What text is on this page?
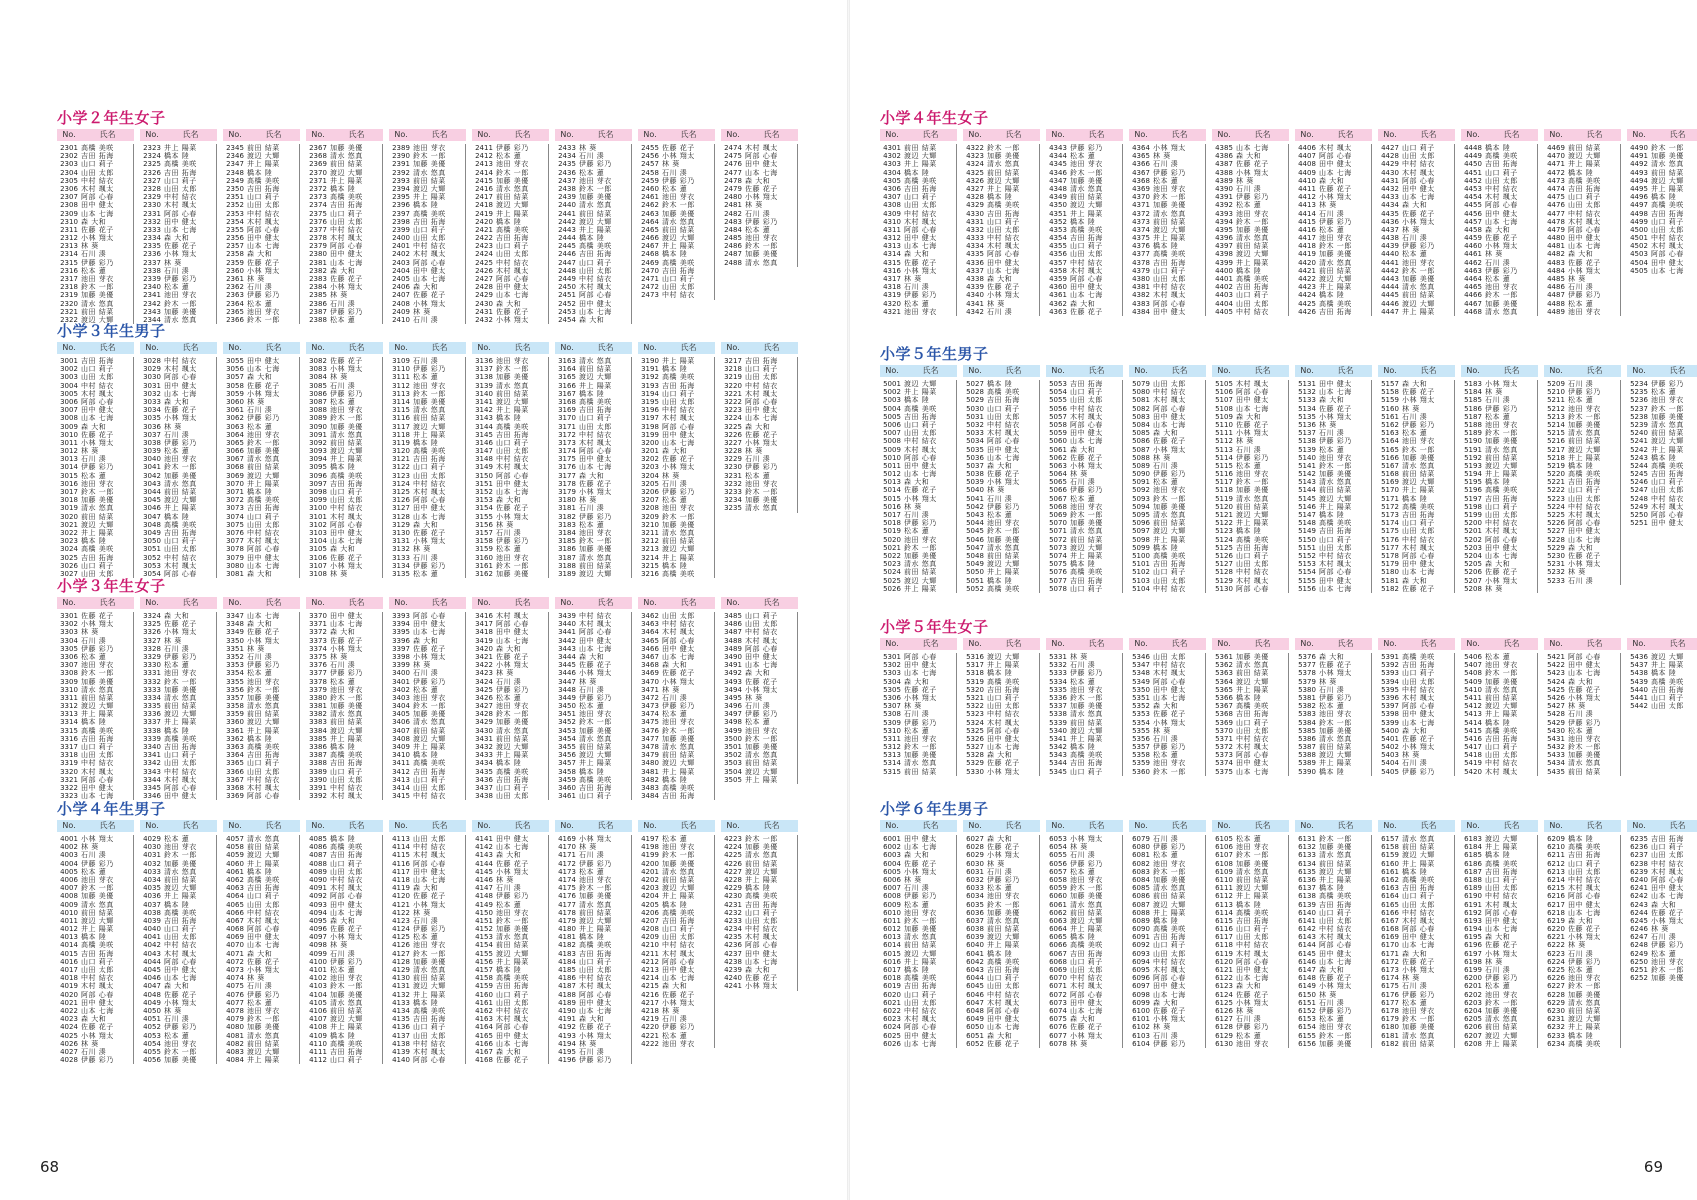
68
小学２年生女子
No.	氏名
2301 高橋 美咲
2302 吉田 拓海
2303 山口 莉子
2304 山田 太郎
2305 中村 結衣
2306 木村 颯太
2307 阿部 心春
2308 田中 健太
2309 山本 七海
2310 森 大和
2311 佐藤 花子
2312 小林 翔太
2313 林 葵
2314 石川 湊
2315 伊藤 彩乃
2316 松本 蓮
2317 池田 芽衣
2318 鈴木 一郎
2319 加藤 美優
2320 清水 悠真
2321 前田 結菜
2322 渡辺 大輝
No.	氏名
2323 井上 陽菜
2324 橋本 陸
2325 高橋 美咲
2326 吉田 拓海
2327 山口 莉子
2328 山田 太郎
2329 中村 結衣
2330 木村 颯太
2331 阿部 心春
2332 田中 健太
2333 山本 七海
2334 森 大和
2335 佐藤 花子
2336 小林 翔太
2337 林 葵
2338 石川 湊
2339 伊藤 彩乃
2340 松本 蓮
2341 池田 芽衣
2342 鈴木 一郎
2343 加藤 美優
2344 清水 悠真
No.	氏名
2345 前田 結菜
2346 渡辺 大輝
2347 井上 陽菜
2348 橋本 陸
2349 高橋 美咲
2350 吉田 拓海
2351 山口 莉子
2352 山田 太郎
2353 中村 結衣
2354 木村 颯太
2355 阿部 心春
2356 田中 健太
2357 山本 七海
2358 森 大和
2359 佐藤 花子
2360 小林 翔太
2361 林 葵
2362 石川 湊
2363 伊藤 彩乃
2364 松本 蓮
2365 池田 芽衣
2366 鈴木 一郎
No.	氏名
2367 加藤 美優
2368 清水 悠真
2369 前田 結菜
2370 渡辺 大輝
2371 井上 陽菜
2372 橋本 陸
2373 高橋 美咲
2374 吉田 拓海
2375 山口 莉子
2376 山田 太郎
2377 中村 結衣
2378 木村 颯太
2379 阿部 心春
2380 田中 健太
2381 山本 七海
2382 森 大和
2383 佐藤 花子
2384 小林 翔太
2385 林 葵
2386 石川 湊
2387 伊藤 彩乃
2388 松本 蓮
No.	氏名
2389 池田 芽衣
2390 鈴木 一郎
2391 加藤 美優
2392 清水 悠真
2393 前田 結菜
2394 渡辺 大輝
2395 井上 陽菜
2396 橋本 陸
2397 高橋 美咲
2398 吉田 拓海
2399 山口 莉子
2400 山田 太郎
2401 中村 結衣
2402 木村 颯太
2403 阿部 心春
2404 田中 健太
2405 山本 七海
2406 森 大和
2407 佐藤 花子
2408 小林 翔太
2409 林 葵
2410 石川 湊
No.	氏名
2411 伊藤 彩乃
2412 松本 蓮
2413 池田 芽衣
2414 鈴木 一郎
2415 加藤 美優
2416 清水 悠真
2417 前田 結菜
2418 渡辺 大輝
2419 井上 陽菜
2420 橋本 陸
2421 高橋 美咲
2422 吉田 拓海
2423 山口 莉子
2424 山田 太郎
2425 中村 結衣
2426 木村 颯太
2427 阿部 心春
2428 田中 健太
2429 山本 七海
2430 森 大和
2431 佐藤 花子
2432 小林 翔太
No.	氏名
2433 林 葵
2434 石川 湊
2435 伊藤 彩乃
2436 松本 蓮
2437 池田 芽衣
2438 鈴木 一郎
2439 加藤 美優
2440 清水 悠真
2441 前田 結菜
2442 渡辺 大輝
2443 井上 陽菜
2444 橋本 陸
2445 高橋 美咲
2446 吉田 拓海
2447 山口 莉子
2448 山田 太郎
2449 中村 結衣
2450 木村 颯太
2451 阿部 心春
2452 田中 健太
2453 山本 七海
2454 森 大和
No.	氏名
2455 佐藤 花子
2456 小林 翔太
2457 林 葵
2458 石川 湊
2459 伊藤 彩乃
2460 松本 蓮
2461 池田 芽衣
2462 鈴木 一郎
2463 加藤 美優
2464 清水 悠真
2465 前田 結菜
2466 渡辺 大輝
2467 井上 陽菜
2468 橋本 陸
2469 高橋 美咲
2470 吉田 拓海
2471 山口 莉子
2472 山田 太郎
2473 中村 結衣
No.	氏名
2474 木村 颯太
2475 阿部 心春
2476 田中 健太
2477 山本 七海
2478 森 大和
2479 佐藤 花子
2480 小林 翔太
2481 林 葵
2482 石川 湊
2483 伊藤 彩乃
2484 松本 蓮
2485 池田 芽衣
2486 鈴木 一郎
2487 加藤 美優
2488 清水 悠真
小学３年生男子
No.	氏名
3001 吉田 拓海
3002 山口 莉子
3003 山田 太郎
3004 中村 結衣
3005 木村 颯太
3006 阿部 心春
3007 田中 健太
3008 山本 七海
3009 森 大和
3010 佐藤 花子
3011 小林 翔太
3012 林 葵
3013 石川 湊
3014 伊藤 彩乃
3015 松本 蓮
3016 池田 芽衣
3017 鈴木 一郎
3018 加藤 美優
3019 清水 悠真
3020 前田 結菜
3021 渡辺 大輝
3022 井上 陽菜
3023 橋本 陸
3024 高橋 美咲
3025 吉田 拓海
3026 山口 莉子
3027 山田 太郎
No.	氏名
3028 中村 結衣
3029 木村 颯太
3030 阿部 心春
3031 田中 健太
3032 山本 七海
3033 森 大和
3034 佐藤 花子
3035 小林 翔太
3036 林 葵
3037 石川 湊
3038 伊藤 彩乃
3039 松本 蓮
3040 池田 芽衣
3041 鈴木 一郎
3042 加藤 美優
3043 清水 悠真
3044 前田 結菜
3045 渡辺 大輝
3046 井上 陽菜
3047 橋本 陸
3048 高橋 美咲
3049 吉田 拓海
3050 山口 莉子
3051 山田 太郎
3052 中村 結衣
3053 木村 颯太
3054 阿部 心春
No.	氏名
3055 田中 健太
3056 山本 七海
3057 森 大和
3058 佐藤 花子
3059 小林 翔太
3060 林 葵
3061 石川 湊
3062 伊藤 彩乃
3063 松本 蓮
3064 池田 芽衣
3065 鈴木 一郎
3066 加藤 美優
3067 清水 悠真
3068 前田 結菜
3069 渡辺 大輝
3070 井上 陽菜
3071 橋本 陸
3072 高橋 美咲
3073 吉田 拓海
3074 山口 莉子
3075 山田 太郎
3076 中村 結衣
3077 木村 颯太
3078 阿部 心春
3079 田中 健太
3080 山本 七海
3081 森 大和
No.	氏名
3082 佐藤 花子
3083 小林 翔太
3084 林 葵
3085 石川 湊
3086 伊藤 彩乃
3087 松本 蓮
3088 池田 芽衣
3089 鈴木 一郎
3090 加藤 美優
3091 清水 悠真
3092 前田 結菜
3093 渡辺 大輝
3094 井上 陽菜
3095 橋本 陸
3096 高橋 美咲
3097 吉田 拓海
3098 山口 莉子
3099 山田 太郎
3100 中村 結衣
3101 木村 颯太
3102 阿部 心春
3103 田中 健太
3104 山本 七海
3105 森 大和
3106 佐藤 花子
3107 小林 翔太
3108 林 葵
No.	氏名
3109 石川 湊
3110 伊藤 彩乃
3111 松本 蓮
3112 池田 芽衣
3113 鈴木 一郎
3114 加藤 美優
3115 清水 悠真
3116 前田 結菜
3117 渡辺 大輝
3118 井上 陽菜
3119 橋本 陸
3120 高橋 美咲
3121 吉田 拓海
3122 山口 莉子
3123 山田 太郎
3124 中村 結衣
3125 木村 颯太
3126 阿部 心春
3127 田中 健太
3128 山本 七海
3129 森 大和
3130 佐藤 花子
3131 小林 翔太
3132 林 葵
3133 石川 湊
3134 伊藤 彩乃
3135 松本 蓮
No.	氏名
3136 池田 芽衣
3137 鈴木 一郎
3138 加藤 美優
3139 清水 悠真
3140 前田 結菜
3141 渡辺 大輝
3142 井上 陽菜
3143 橋本 陸
3144 高橋 美咲
3145 吉田 拓海
3146 山口 莉子
3147 山田 太郎
3148 中村 結衣
3149 木村 颯太
3150 阿部 心春
3151 田中 健太
3152 山本 七海
3153 森 大和
3154 佐藤 花子
3155 小林 翔太
3156 林 葵
3157 石川 湊
3158 伊藤 彩乃
3159 松本 蓮
3160 池田 芽衣
3161 鈴木 一郎
3162 加藤 美優
No.	氏名
3163 清水 悠真
3164 前田 結菜
3165 渡辺 大輝
3166 井上 陽菜
3167 橋本 陸
3168 高橋 美咲
3169 吉田 拓海
3170 山口 莉子
3171 山田 太郎
3172 中村 結衣
3173 木村 颯太
3174 阿部 心春
3175 田中 健太
3176 山本 七海
3177 森 大和
3178 佐藤 花子
3179 小林 翔太
3180 林 葵
3181 石川 湊
3182 伊藤 彩乃
3183 松本 蓮
3184 池田 芽衣
3185 鈴木 一郎
3186 加藤 美優
3187 清水 悠真
3188 前田 結菜
3189 渡辺 大輝
No.	氏名
3190 井上 陽菜
3191 橋本 陸
3192 高橋 美咲
3193 吉田 拓海
3194 山口 莉子
3195 山田 太郎
3196 中村 結衣
3197 木村 颯太
3198 阿部 心春
3199 田中 健太
3200 山本 七海
3201 森 大和
3202 佐藤 花子
3203 小林 翔太
3204 林 葵
3205 石川 湊
3206 伊藤 彩乃
3207 松本 蓮
3208 池田 芽衣
3209 鈴木 一郎
3210 加藤 美優
3211 清水 悠真
3212 前田 結菜
3213 渡辺 大輝
3214 井上 陽菜
3215 橋本 陸
3216 高橋 美咲
No.	氏名
3217 吉田 拓海
3218 山口 莉子
3219 山田 太郎
3220 中村 結衣
3221 木村 颯太
3222 阿部 心春
3223 田中 健太
3224 山本 七海
3225 森 大和
3226 佐藤 花子
3227 小林 翔太
3228 林 葵
3229 石川 湊
3230 伊藤 彩乃
3231 松本 蓮
3232 池田 芽衣
3233 鈴木 一郎
3234 加藤 美優
3235 清水 悠真
小学３年生女子
No.	氏名
3301 佐藤 花子
3302 小林 翔太
3303 林 葵
3304 石川 湊
3305 伊藤 彩乃
3306 松本 蓮
3307 池田 芽衣
3308 鈴木 一郎
3309 加藤 美優
3310 清水 悠真
3311 前田 結菜
3312 渡辺 大輝
3313 井上 陽菜
3314 橋本 陸
3315 高橋 美咲
3316 吉田 拓海
3317 山口 莉子
3318 山田 太郎
3319 中村 結衣
3320 木村 颯太
3321 阿部 心春
3322 田中 健太
3323 山本 七海
No.	氏名
3324 森 大和
3325 佐藤 花子
3326 小林 翔太
3327 林 葵
3328 石川 湊
3329 伊藤 彩乃
3330 松本 蓮
3331 池田 芽衣
3332 鈴木 一郎
3333 加藤 美優
3334 清水 悠真
3335 前田 結菜
3336 渡辺 大輝
3337 井上 陽菜
3338 橋本 陸
3339 高橋 美咲
3340 吉田 拓海
3341 山口 莉子
3342 山田 太郎
3343 中村 結衣
3344 木村 颯太
3345 阿部 心春
3346 田中 健太
No.	氏名
3347 山本 七海
3348 森 大和
3349 佐藤 花子
3350 小林 翔太
3351 林 葵
3352 石川 湊
3353 伊藤 彩乃
3354 松本 蓮
3355 池田 芽衣
3356 鈴木 一郎
3357 加藤 美優
3358 清水 悠真
3359 前田 結菜
3360 渡辺 大輝
3361 井上 陽菜
3362 橋本 陸
3363 高橋 美咲
3364 吉田 拓海
3365 山口 莉子
3366 山田 太郎
3367 中村 結衣
3368 木村 颯太
3369 阿部 心春
No.	氏名
3370 田中 健太
3371 山本 七海
3372 森 大和
3373 佐藤 花子
3374 小林 翔太
3375 林 葵
3376 石川 湊
3377 伊藤 彩乃
3378 松本 蓮
3379 池田 芽衣
3380 鈴木 一郎
3381 加藤 美優
3382 清水 悠真
3383 前田 結菜
3384 渡辺 大輝
3385 井上 陽菜
3386 橋本 陸
3387 高橋 美咲
3388 吉田 拓海
3389 山口 莉子
3390 山田 太郎
3391 中村 結衣
3392 木村 颯太
No.	氏名
3393 阿部 心春
3394 田中 健太
3395 山本 七海
3396 森 大和
3397 佐藤 花子
3398 小林 翔太
3399 林 葵
3400 石川 湊
3401 伊藤 彩乃
3402 松本 蓮
3403 池田 芽衣
3404 鈴木 一郎
3405 加藤 美優
3406 清水 悠真
3407 前田 結菜
3408 渡辺 大輝
3409 井上 陽菜
3410 橋本 陸
3411 高橋 美咲
3412 吉田 拓海
3413 山口 莉子
3414 山田 太郎
3415 中村 結衣
No.	氏名
3416 木村 颯太
3417 阿部 心春
3418 田中 健太
3419 山本 七海
3420 森 大和
3421 佐藤 花子
3422 小林 翔太
3423 林 葵
3424 石川 湊
3425 伊藤 彩乃
3426 松本 蓮
3427 池田 芽衣
3428 鈴木 一郎
3429 加藤 美優
3430 清水 悠真
3431 前田 結菜
3432 渡辺 大輝
3433 井上 陽菜
3434 橋本 陸
3435 高橋 美咲
3436 吉田 拓海
3437 山口 莉子
3438 山田 太郎
No.	氏名
3439 中村 結衣
3440 木村 颯太
3441 阿部 心春
3442 田中 健太
3443 山本 七海
3444 森 大和
3445 佐藤 花子
3446 小林 翔太
3447 林 葵
3448 石川 湊
3449 伊藤 彩乃
3450 松本 蓮
3451 池田 芽衣
3452 鈴木 一郎
3453 加藤 美優
3454 清水 悠真
3455 前田 結菜
3456 渡辺 大輝
3457 井上 陽菜
3458 橋本 陸
3459 高橋 美咲
3460 吉田 拓海
3461 山口 莉子
No.	氏名
3462 山田 太郎
3463 中村 結衣
3464 木村 颯太
3465 阿部 心春
3466 田中 健太
3467 山本 七海
3468 森 大和
3469 佐藤 花子
3470 小林 翔太
3471 林 葵
3472 石川 湊
3473 伊藤 彩乃
3474 松本 蓮
3475 池田 芽衣
3476 鈴木 一郎
3477 加藤 美優
3478 清水 悠真
3479 前田 結菜
3480 渡辺 大輝
3481 井上 陽菜
3482 橋本 陸
3483 高橋 美咲
3484 吉田 拓海
No.	氏名
3485 山口 莉子
3486 山田 太郎
3487 中村 結衣
3488 木村 颯太
3489 阿部 心春
3490 田中 健太
3491 山本 七海
3492 森 大和
3493 佐藤 花子
3494 小林 翔太
3495 林 葵
3496 石川 湊
3497 伊藤 彩乃
3498 松本 蓮
3499 池田 芽衣
3500 鈴木 一郎
3501 加藤 美優
3502 清水 悠真
3503 前田 結菜
3504 渡辺 大輝
3505 井上 陽菜
小学４年生男子
No.	氏名
4001 小林 翔太
4002 林 葵
4003 石川 湊
4004 伊藤 彩乃
4005 松本 蓮
4006 池田 芽衣
4007 鈴木 一郎
4008 加藤 美優
4009 清水 悠真
4010 前田 結菜
4011 渡辺 大輝
4012 井上 陽菜
4013 橋本 陸
4014 高橋 美咲
4015 吉田 拓海
4016 山口 莉子
4017 山田 太郎
4018 中村 結衣
4019 木村 颯太
4020 阿部 心春
4021 田中 健太
4022 山本 七海
4023 森 大和
4024 佐藤 花子
4025 小林 翔太
4026 林 葵
4027 石川 湊
4028 伊藤 彩乃
No.	氏名
4029 松本 蓮
4030 池田 芽衣
4031 鈴木 一郎
4032 加藤 美優
4033 清水 悠真
4034 前田 結菜
4035 渡辺 大輝
4036 井上 陽菜
4037 橋本 陸
4038 高橋 美咲
4039 吉田 拓海
4040 山口 莉子
4041 山田 太郎
4042 中村 結衣
4043 木村 颯太
4044 阿部 心春
4045 田中 健太
4046 山本 七海
4047 森 大和
4048 佐藤 花子
4049 小林 翔太
4050 林 葵
4051 石川 湊
4052 伊藤 彩乃
4053 松本 蓮
4054 池田 芽衣
4055 鈴木 一郎
4056 加藤 美優
No.	氏名
4057 清水 悠真
4058 前田 結菜
4059 渡辺 大輝
4060 井上 陽菜
4061 橋本 陸
4062 高橋 美咲
4063 吉田 拓海
4064 山口 莉子
4065 山田 太郎
4066 中村 結衣
4067 木村 颯太
4068 阿部 心春
4069 田中 健太
4070 山本 七海
4071 森 大和
4072 佐藤 花子
4073 小林 翔太
4074 林 葵
4075 石川 湊
4076 伊藤 彩乃
4077 松本 蓮
4078 池田 芽衣
4079 鈴木 一郎
4080 加藤 美優
4081 清水 悠真
4082 前田 結菜
4083 渡辺 大輝
4084 井上 陽菜
No.	氏名
4085 橋本 陸
4086 高橋 美咲
4087 吉田 拓海
4088 山口 莉子
4089 山田 太郎
4090 中村 結衣
4091 木村 颯太
4092 阿部 心春
4093 田中 健太
4094 山本 七海
4095 森 大和
4096 佐藤 花子
4097 小林 翔太
4098 林 葵
4099 石川 湊
4100 伊藤 彩乃
4101 松本 蓮
4102 池田 芽衣
4103 鈴木 一郎
4104 加藤 美優
4105 清水 悠真
4106 前田 結菜
4107 渡辺 大輝
4108 井上 陽菜
4109 橋本 陸
4110 高橋 美咲
4111 吉田 拓海
4112 山口 莉子
No.	氏名
4113 山田 太郎
4114 中村 結衣
4115 木村 颯太
4116 阿部 心春
4117 田中 健太
4118 山本 七海
4119 森 大和
4120 佐藤 花子
4121 小林 翔太
4122 林 葵
4123 石川 湊
4124 伊藤 彩乃
4125 松本 蓮
4126 池田 芽衣
4127 鈴木 一郎
4128 加藤 美優
4129 清水 悠真
4130 前田 結菜
4131 渡辺 大輝
4132 井上 陽菜
4133 橋本 陸
4134 高橋 美咲
4135 吉田 拓海
4136 山口 莉子
4137 山田 太郎
4138 中村 結衣
4139 木村 颯太
4140 阿部 心春
No.	氏名
4141 田中 健太
4142 山本 七海
4143 森 大和
4144 佐藤 花子
4145 小林 翔太
4146 林 葵
4147 石川 湊
4148 伊藤 彩乃
4149 松本 蓮
4150 池田 芽衣
4151 鈴木 一郎
4152 加藤 美優
4153 清水 悠真
4154 前田 結菜
4155 渡辺 大輝
4156 井上 陽菜
4157 橋本 陸
4158 高橋 美咲
4159 吉田 拓海
4160 山口 莉子
4161 山田 太郎
4162 中村 結衣
4163 木村 颯太
4164 阿部 心春
4165 田中 健太
4166 山本 七海
4167 森 大和
4168 佐藤 花子
No.	氏名
4169 小林 翔太
4170 林 葵
4171 石川 湊
4172 伊藤 彩乃
4173 松本 蓮
4174 池田 芽衣
4175 鈴木 一郎
4176 加藤 美優
4177 清水 悠真
4178 前田 結菜
4179 渡辺 大輝
4180 井上 陽菜
4181 橋本 陸
4182 高橋 美咲
4183 吉田 拓海
4184 山口 莉子
4185 山田 太郎
4186 中村 結衣
4187 木村 颯太
4188 阿部 心春
4189 田中 健太
4190 山本 七海
4191 森 大和
4192 佐藤 花子
4193 小林 翔太
4194 林 葵
4195 石川 湊
4196 伊藤 彩乃
No.	氏名
4197 松本 蓮
4198 池田 芽衣
4199 鈴木 一郎
4200 加藤 美優
4201 清水 悠真
4202 前田 結菜
4203 渡辺 大輝
4204 井上 陽菜
4205 橋本 陸
4206 高橋 美咲
4207 吉田 拓海
4208 山口 莉子
4209 山田 太郎
4210 中村 結衣
4211 木村 颯太
4212 阿部 心春
4213 田中 健太
4214 山本 七海
4215 森 大和
4216 佐藤 花子
4217 小林 翔太
4218 林 葵
4219 石川 湊
4220 伊藤 彩乃
4221 松本 蓮
4222 池田 芽衣
No.	氏名
4223 鈴木 一郎
4224 加藤 美優
4225 清水 悠真
4226 前田 結菜
4227 渡辺 大輝
4228 井上 陽菜
4229 橋本 陸
4230 高橋 美咲
4231 吉田 拓海
4232 山口 莉子
4233 山田 太郎
4234 中村 結衣
4235 木村 颯太
4236 阿部 心春
4237 田中 健太
4238 山本 七海
4239 森 大和
4240 佐藤 花子
4241 小林 翔太
69
小学４年生女子
No.	氏名
4301 前田 結菜
4302 渡辺 大輝
4303 井上 陽菜
4304 橋本 陸
4305 高橋 美咲
4306 吉田 拓海
4307 山口 莉子
4308 山田 太郎
4309 中村 結衣
4310 木村 颯太
4311 阿部 心春
4312 田中 健太
4313 山本 七海
4314 森 大和
4315 佐藤 花子
4316 小林 翔太
4317 林 葵
4318 石川 湊
4319 伊藤 彩乃
4320 松本 蓮
4321 池田 芽衣
No.	氏名
4322 鈴木 一郎
4323 加藤 美優
4324 清水 悠真
4325 前田 結菜
4326 渡辺 大輝
4327 井上 陽菜
4328 橋本 陸
4329 高橋 美咲
4330 吉田 拓海
4331 山口 莉子
4332 山田 太郎
4333 中村 結衣
4334 木村 颯太
4335 阿部 心春
4336 田中 健太
4337 山本 七海
4338 森 大和
4339 佐藤 花子
4340 小林 翔太
4341 林 葵
4342 石川 湊
No.	氏名
4343 伊藤 彩乃
4344 松本 蓮
4345 池田 芽衣
4346 鈴木 一郎
4347 加藤 美優
4348 清水 悠真
4349 前田 結菜
4350 渡辺 大輝
4351 井上 陽菜
4352 橋本 陸
4353 高橋 美咲
4354 吉田 拓海
4355 山口 莉子
4356 山田 太郎
4357 中村 結衣
4358 木村 颯太
4359 阿部 心春
4360 田中 健太
4361 山本 七海
4362 森 大和
4363 佐藤 花子
No.	氏名
4364 小林 翔太
4365 林 葵
4366 石川 湊
4367 伊藤 彩乃
4368 松本 蓮
4369 池田 芽衣
4370 鈴木 一郎
4371 加藤 美優
4372 清水 悠真
4373 前田 結菜
4374 渡辺 大輝
4375 井上 陽菜
4376 橋本 陸
4377 高橋 美咲
4378 吉田 拓海
4379 山口 莉子
4380 山田 太郎
4381 中村 結衣
4382 木村 颯太
4383 阿部 心春
4384 田中 健太
No.	氏名
4385 山本 七海
4386 森 大和
4387 佐藤 花子
4388 小林 翔太
4389 林 葵
4390 石川 湊
4391 伊藤 彩乃
4392 松本 蓮
4393 池田 芽衣
4394 鈴木 一郎
4395 加藤 美優
4396 清水 悠真
4397 前田 結菜
4398 渡辺 大輝
4399 井上 陽菜
4400 橋本 陸
4401 高橋 美咲
4402 吉田 拓海
4403 山口 莉子
4404 山田 太郎
4405 中村 結衣
No.	氏名
4406 木村 颯太
4407 阿部 心春
4408 田中 健太
4409 山本 七海
4410 森 大和
4411 佐藤 花子
4412 小林 翔太
4413 林 葵
4414 石川 湊
4415 伊藤 彩乃
4416 松本 蓮
4417 池田 芽衣
4418 鈴木 一郎
4419 加藤 美優
4420 清水 悠真
4421 前田 結菜
4422 渡辺 大輝
4423 井上 陽菜
4424 橋本 陸
4425 高橋 美咲
4426 吉田 拓海
No.	氏名
4427 山口 莉子
4428 山田 太郎
4429 中村 結衣
4430 木村 颯太
4431 阿部 心春
4432 田中 健太
4433 山本 七海
4434 森 大和
4435 佐藤 花子
4436 小林 翔太
4437 林 葵
4438 石川 湊
4439 伊藤 彩乃
4440 松本 蓮
4441 池田 芽衣
4442 鈴木 一郎
4443 加藤 美優
4444 清水 悠真
4445 前田 結菜
4446 渡辺 大輝
4447 井上 陽菜
No.	氏名
4448 橋本 陸
4449 高橋 美咲
4450 吉田 拓海
4451 山口 莉子
4452 山田 太郎
4453 中村 結衣
4454 木村 颯太
4455 阿部 心春
4456 田中 健太
4457 山本 七海
4458 森 大和
4459 佐藤 花子
4460 小林 翔太
4461 林 葵
4462 石川 湊
4463 伊藤 彩乃
4464 松本 蓮
4465 池田 芽衣
4466 鈴木 一郎
4467 加藤 美優
4468 清水 悠真
No.	氏名
4469 前田 結菜
4470 渡辺 大輝
4471 井上 陽菜
4472 橋本 陸
4473 高橋 美咲
4474 吉田 拓海
4475 山口 莉子
4476 山田 太郎
4477 中村 結衣
4478 木村 颯太
4479 阿部 心春
4480 田中 健太
4481 山本 七海
4482 森 大和
4483 佐藤 花子
4484 小林 翔太
4485 林 葵
4486 石川 湊
4487 伊藤 彩乃
4488 松本 蓮
4489 池田 芽衣
No.	氏名
4490 鈴木 一郎
4491 加藤 美優
4492 清水 悠真
4493 前田 結菜
4494 渡辺 大輝
4495 井上 陽菜
4496 橋本 陸
4497 高橋 美咲
4498 吉田 拓海
4499 山口 莉子
4500 山田 太郎
4501 中村 結衣
4502 木村 颯太
4503 阿部 心春
4504 田中 健太
4505 山本 七海
小学５年生男子
No.	氏名
5001 渡辺 大輝
5002 井上 陽菜
5003 橋本 陸
5004 高橋 美咲
5005 吉田 拓海
5006 山口 莉子
5007 山田 太郎
5008 中村 結衣
5009 木村 颯太
5010 阿部 心春
5011 田中 健太
5012 山本 七海
5013 森 大和
5014 佐藤 花子
5015 小林 翔太
5016 林 葵
5017 石川 湊
5018 伊藤 彩乃
5019 松本 蓮
5020 池田 芽衣
5021 鈴木 一郎
5022 加藤 美優
5023 清水 悠真
5024 前田 結菜
5025 渡辺 大輝
5026 井上 陽菜
No.	氏名
5027 橋本 陸
5028 高橋 美咲
5029 吉田 拓海
5030 山口 莉子
5031 山田 太郎
5032 中村 結衣
5033 木村 颯太
5034 阿部 心春
5035 田中 健太
5036 山本 七海
5037 森 大和
5038 佐藤 花子
5039 小林 翔太
5040 林 葵
5041 石川 湊
5042 伊藤 彩乃
5043 松本 蓮
5044 池田 芽衣
5045 鈴木 一郎
5046 加藤 美優
5047 清水 悠真
5048 前田 結菜
5049 渡辺 大輝
5050 井上 陽菜
5051 橋本 陸
5052 高橋 美咲
No.	氏名
5053 吉田 拓海
5054 山口 莉子
5055 山田 太郎
5056 中村 結衣
5057 木村 颯太
5058 阿部 心春
5059 田中 健太
5060 山本 七海
5061 森 大和
5062 佐藤 花子
5063 小林 翔太
5064 林 葵
5065 石川 湊
5066 伊藤 彩乃
5067 松本 蓮
5068 池田 芽衣
5069 鈴木 一郎
5070 加藤 美優
5071 清水 悠真
5072 前田 結菜
5073 渡辺 大輝
5074 井上 陽菜
5075 橋本 陸
5076 高橋 美咲
5077 吉田 拓海
5078 山口 莉子
No.	氏名
5079 山田 太郎
5080 中村 結衣
5081 木村 颯太
5082 阿部 心春
5083 田中 健太
5084 山本 七海
5085 森 大和
5086 佐藤 花子
5087 小林 翔太
5088 林 葵
5089 石川 湊
5090 伊藤 彩乃
5091 松本 蓮
5092 池田 芽衣
5093 鈴木 一郎
5094 加藤 美優
5095 清水 悠真
5096 前田 結菜
5097 渡辺 大輝
5098 井上 陽菜
5099 橋本 陸
5100 高橋 美咲
5101 吉田 拓海
5102 山口 莉子
5103 山田 太郎
5104 中村 結衣
No.	氏名
5105 木村 颯太
5106 阿部 心春
5107 田中 健太
5108 山本 七海
5109 森 大和
5110 佐藤 花子
5111 小林 翔太
5112 林 葵
5113 石川 湊
5114 伊藤 彩乃
5115 松本 蓮
5116 池田 芽衣
5117 鈴木 一郎
5118 加藤 美優
5119 清水 悠真
5120 前田 結菜
5121 渡辺 大輝
5122 井上 陽菜
5123 橋本 陸
5124 高橋 美咲
5125 吉田 拓海
5126 山口 莉子
5127 山田 太郎
5128 中村 結衣
5129 木村 颯太
5130 阿部 心春
No.	氏名
5131 田中 健太
5132 山本 七海
5133 森 大和
5134 佐藤 花子
5135 小林 翔太
5136 林 葵
5137 石川 湊
5138 伊藤 彩乃
5139 松本 蓮
5140 池田 芽衣
5141 鈴木 一郎
5142 加藤 美優
5143 清水 悠真
5144 前田 結菜
5145 渡辺 大輝
5146 井上 陽菜
5147 橋本 陸
5148 高橋 美咲
5149 吉田 拓海
5150 山口 莉子
5151 山田 太郎
5152 中村 結衣
5153 木村 颯太
5154 阿部 心春
5155 田中 健太
5156 山本 七海
No.	氏名
5157 森 大和
5158 佐藤 花子
5159 小林 翔太
5160 林 葵
5161 石川 湊
5162 伊藤 彩乃
5163 松本 蓮
5164 池田 芽衣
5165 鈴木 一郎
5166 加藤 美優
5167 清水 悠真
5168 前田 結菜
5169 渡辺 大輝
5170 井上 陽菜
5171 橋本 陸
5172 高橋 美咲
5173 吉田 拓海
5174 山口 莉子
5175 山田 太郎
5176 中村 結衣
5177 木村 颯太
5178 阿部 心春
5179 田中 健太
5180 山本 七海
5181 森 大和
5182 佐藤 花子
No.	氏名
5183 小林 翔太
5184 林 葵
5185 石川 湊
5186 伊藤 彩乃
5187 松本 蓮
5188 池田 芽衣
5189 鈴木 一郎
5190 加藤 美優
5191 清水 悠真
5192 前田 結菜
5193 渡辺 大輝
5194 井上 陽菜
5195 橋本 陸
5196 高橋 美咲
5197 吉田 拓海
5198 山口 莉子
5199 山田 太郎
5200 中村 結衣
5201 木村 颯太
5202 阿部 心春
5203 田中 健太
5204 山本 七海
5205 森 大和
5206 佐藤 花子
5207 小林 翔太
5208 林 葵
No.	氏名
5209 石川 湊
5210 伊藤 彩乃
5211 松本 蓮
5212 池田 芽衣
5213 鈴木 一郎
5214 加藤 美優
5215 清水 悠真
5216 前田 結菜
5217 渡辺 大輝
5218 井上 陽菜
5219 橋本 陸
5220 高橋 美咲
5221 吉田 拓海
5222 山口 莉子
5223 山田 太郎
5224 中村 結衣
5225 木村 颯太
5226 阿部 心春
5227 田中 健太
5228 山本 七海
5229 森 大和
5230 佐藤 花子
5231 小林 翔太
5232 林 葵
5233 石川 湊
No.	氏名
5234 伊藤 彩乃
5235 松本 蓮
5236 池田 芽衣
5237 鈴木 一郎
5238 加藤 美優
5239 清水 悠真
5240 前田 結菜
5241 渡辺 大輝
5242 井上 陽菜
5243 橋本 陸
5244 高橋 美咲
5245 吉田 拓海
5246 山口 莉子
5247 山田 太郎
5248 中村 結衣
5249 木村 颯太
5250 阿部 心春
5251 田中 健太
小学５年生女子
No.	氏名
5301 阿部 心春
5302 田中 健太
5303 山本 七海
5304 森 大和
5305 佐藤 花子
5306 小林 翔太
5307 林 葵
5308 石川 湊
5309 伊藤 彩乃
5310 松本 蓮
5311 池田 芽衣
5312 鈴木 一郎
5313 加藤 美優
5314 清水 悠真
5315 前田 結菜
No.	氏名
5316 渡辺 大輝
5317 井上 陽菜
5318 橋本 陸
5319 高橋 美咲
5320 吉田 拓海
5321 山口 莉子
5322 山田 太郎
5323 中村 結衣
5324 木村 颯太
5325 阿部 心春
5326 田中 健太
5327 山本 七海
5328 森 大和
5329 佐藤 花子
5330 小林 翔太
No.	氏名
5331 林 葵
5332 石川 湊
5333 伊藤 彩乃
5334 松本 蓮
5335 池田 芽衣
5336 鈴木 一郎
5337 加藤 美優
5338 清水 悠真
5339 前田 結菜
5340 渡辺 大輝
5341 井上 陽菜
5342 橋本 陸
5343 高橋 美咲
5344 吉田 拓海
5345 山口 莉子
No.	氏名
5346 山田 太郎
5347 中村 結衣
5348 木村 颯太
5349 阿部 心春
5350 田中 健太
5351 山本 七海
5352 森 大和
5353 佐藤 花子
5354 小林 翔太
5355 林 葵
5356 石川 湊
5357 伊藤 彩乃
5358 松本 蓮
5359 池田 芽衣
5360 鈴木 一郎
No.	氏名
5361 加藤 美優
5362 清水 悠真
5363 前田 結菜
5364 渡辺 大輝
5365 井上 陽菜
5366 橋本 陸
5367 高橋 美咲
5368 吉田 拓海
5369 山口 莉子
5370 山田 太郎
5371 中村 結衣
5372 木村 颯太
5373 阿部 心春
5374 田中 健太
5375 山本 七海
No.	氏名
5376 森 大和
5377 佐藤 花子
5378 小林 翔太
5379 林 葵
5380 石川 湊
5381 伊藤 彩乃
5382 松本 蓮
5383 池田 芽衣
5384 鈴木 一郎
5385 加藤 美優
5386 清水 悠真
5387 前田 結菜
5388 渡辺 大輝
5389 井上 陽菜
5390 橋本 陸
No.	氏名
5391 高橋 美咲
5392 吉田 拓海
5393 山口 莉子
5394 山田 太郎
5395 中村 結衣
5396 木村 颯太
5397 阿部 心春
5398 田中 健太
5399 山本 七海
5400 森 大和
5401 佐藤 花子
5402 小林 翔太
5403 林 葵
5404 石川 湊
5405 伊藤 彩乃
No.	氏名
5406 松本 蓮
5407 池田 芽衣
5408 鈴木 一郎
5409 加藤 美優
5410 清水 悠真
5411 前田 結菜
5412 渡辺 大輝
5413 井上 陽菜
5414 橋本 陸
5415 高橋 美咲
5416 吉田 拓海
5417 山口 莉子
5418 山田 太郎
5419 中村 結衣
5420 木村 颯太
No.	氏名
5421 阿部 心春
5422 田中 健太
5423 山本 七海
5424 森 大和
5425 佐藤 花子
5426 小林 翔太
5427 林 葵
5428 石川 湊
5429 伊藤 彩乃
5430 松本 蓮
5431 池田 芽衣
5432 鈴木 一郎
5433 加藤 美優
5434 清水 悠真
5435 前田 結菜
No.	氏名
5436 渡辺 大輝
5437 井上 陽菜
5438 橋本 陸
5439 高橋 美咲
5440 吉田 拓海
5441 山口 莉子
5442 山田 太郎
小学６年生男子
No.	氏名
6001 田中 健太
6002 山本 七海
6003 森 大和
6004 佐藤 花子
6005 小林 翔太
6006 林 葵
6007 石川 湊
6008 伊藤 彩乃
6009 松本 蓮
6010 池田 芽衣
6011 鈴木 一郎
6012 加藤 美優
6013 清水 悠真
6014 前田 結菜
6015 渡辺 大輝
6016 井上 陽菜
6017 橋本 陸
6018 高橋 美咲
6019 吉田 拓海
6020 山口 莉子
6021 山田 太郎
6022 中村 結衣
6023 木村 颯太
6024 阿部 心春
6025 田中 健太
6026 山本 七海
No.	氏名
6027 森 大和
6028 佐藤 花子
6029 小林 翔太
6030 林 葵
6031 石川 湊
6032 伊藤 彩乃
6033 松本 蓮
6034 池田 芽衣
6035 鈴木 一郎
6036 加藤 美優
6037 清水 悠真
6038 前田 結菜
6039 渡辺 大輝
6040 井上 陽菜
6041 橋本 陸
6042 高橋 美咲
6043 吉田 拓海
6044 山口 莉子
6045 山田 太郎
6046 中村 結衣
6047 木村 颯太
6048 阿部 心春
6049 田中 健太
6050 山本 七海
6051 森 大和
6052 佐藤 花子
No.	氏名
6053 小林 翔太
6054 林 葵
6055 石川 湊
6056 伊藤 彩乃
6057 松本 蓮
6058 池田 芽衣
6059 鈴木 一郎
6060 加藤 美優
6061 清水 悠真
6062 前田 結菜
6063 渡辺 大輝
6064 井上 陽菜
6065 橋本 陸
6066 高橋 美咲
6067 吉田 拓海
6068 山口 莉子
6069 山田 太郎
6070 中村 結衣
6071 木村 颯太
6072 阿部 心春
6073 田中 健太
6074 山本 七海
6075 森 大和
6076 佐藤 花子
6077 小林 翔太
6078 林 葵
No.	氏名
6079 石川 湊
6080 伊藤 彩乃
6081 松本 蓮
6082 池田 芽衣
6083 鈴木 一郎
6084 加藤 美優
6085 清水 悠真
6086 前田 結菜
6087 渡辺 大輝
6088 井上 陽菜
6089 橋本 陸
6090 高橋 美咲
6091 吉田 拓海
6092 山口 莉子
6093 山田 太郎
6094 中村 結衣
6095 木村 颯太
6096 阿部 心春
6097 田中 健太
6098 山本 七海
6099 森 大和
6100 佐藤 花子
6101 小林 翔太
6102 林 葵
6103 石川 湊
6104 伊藤 彩乃
No.	氏名
6105 松本 蓮
6106 池田 芽衣
6107 鈴木 一郎
6108 加藤 美優
6109 清水 悠真
6110 前田 結菜
6111 渡辺 大輝
6112 井上 陽菜
6113 橋本 陸
6114 高橋 美咲
6115 吉田 拓海
6116 山口 莉子
6117 山田 太郎
6118 中村 結衣
6119 木村 颯太
6120 阿部 心春
6121 田中 健太
6122 山本 七海
6123 森 大和
6124 佐藤 花子
6125 小林 翔太
6126 林 葵
6127 石川 湊
6128 伊藤 彩乃
6129 松本 蓮
6130 池田 芽衣
No.	氏名
6131 鈴木 一郎
6132 加藤 美優
6133 清水 悠真
6134 前田 結菜
6135 渡辺 大輝
6136 井上 陽菜
6137 橋本 陸
6138 高橋 美咲
6139 吉田 拓海
6140 山口 莉子
6141 山田 太郎
6142 中村 結衣
6143 木村 颯太
6144 阿部 心春
6145 田中 健太
6146 山本 七海
6147 森 大和
6148 佐藤 花子
6149 小林 翔太
6150 林 葵
6151 石川 湊
6152 伊藤 彩乃
6153 松本 蓮
6154 池田 芽衣
6155 鈴木 一郎
6156 加藤 美優
No.	氏名
6157 清水 悠真
6158 前田 結菜
6159 渡辺 大輝
6160 井上 陽菜
6161 橋本 陸
6162 高橋 美咲
6163 吉田 拓海
6164 山口 莉子
6165 山田 太郎
6166 中村 結衣
6167 木村 颯太
6168 阿部 心春
6169 田中 健太
6170 山本 七海
6171 森 大和
6172 佐藤 花子
6173 小林 翔太
6174 林 葵
6175 石川 湊
6176 伊藤 彩乃
6177 松本 蓮
6178 池田 芽衣
6179 鈴木 一郎
6180 加藤 美優
6181 清水 悠真
6182 前田 結菜
No.	氏名
6183 渡辺 大輝
6184 井上 陽菜
6185 橋本 陸
6186 高橋 美咲
6187 吉田 拓海
6188 山口 莉子
6189 山田 太郎
6190 中村 結衣
6191 木村 颯太
6192 阿部 心春
6193 田中 健太
6194 山本 七海
6195 森 大和
6196 佐藤 花子
6197 小林 翔太
6198 林 葵
6199 石川 湊
6200 伊藤 彩乃
6201 松本 蓮
6202 池田 芽衣
6203 鈴木 一郎
6204 加藤 美優
6205 清水 悠真
6206 前田 結菜
6207 渡辺 大輝
6208 井上 陽菜
No.	氏名
6209 橋本 陸
6210 高橋 美咲
6211 吉田 拓海
6212 山口 莉子
6213 山田 太郎
6214 中村 結衣
6215 木村 颯太
6216 阿部 心春
6217 田中 健太
6218 山本 七海
6219 森 大和
6220 佐藤 花子
6221 小林 翔太
6222 林 葵
6223 石川 湊
6224 伊藤 彩乃
6225 松本 蓮
6226 池田 芽衣
6227 鈴木 一郎
6228 加藤 美優
6229 清水 悠真
6230 前田 結菜
6231 渡辺 大輝
6232 井上 陽菜
6233 橋本 陸
6234 高橋 美咲
No.	氏名
6235 吉田 拓海
6236 山口 莉子
6237 山田 太郎
6238 中村 結衣
6239 木村 颯太
6240 阿部 心春
6241 田中 健太
6242 山本 七海
6243 森 大和
6244 佐藤 花子
6245 小林 翔太
6246 林 葵
6247 石川 湊
6248 伊藤 彩乃
6249 松本 蓮
6250 池田 芽衣
6251 鈴木 一郎
6252 加藤 美優
